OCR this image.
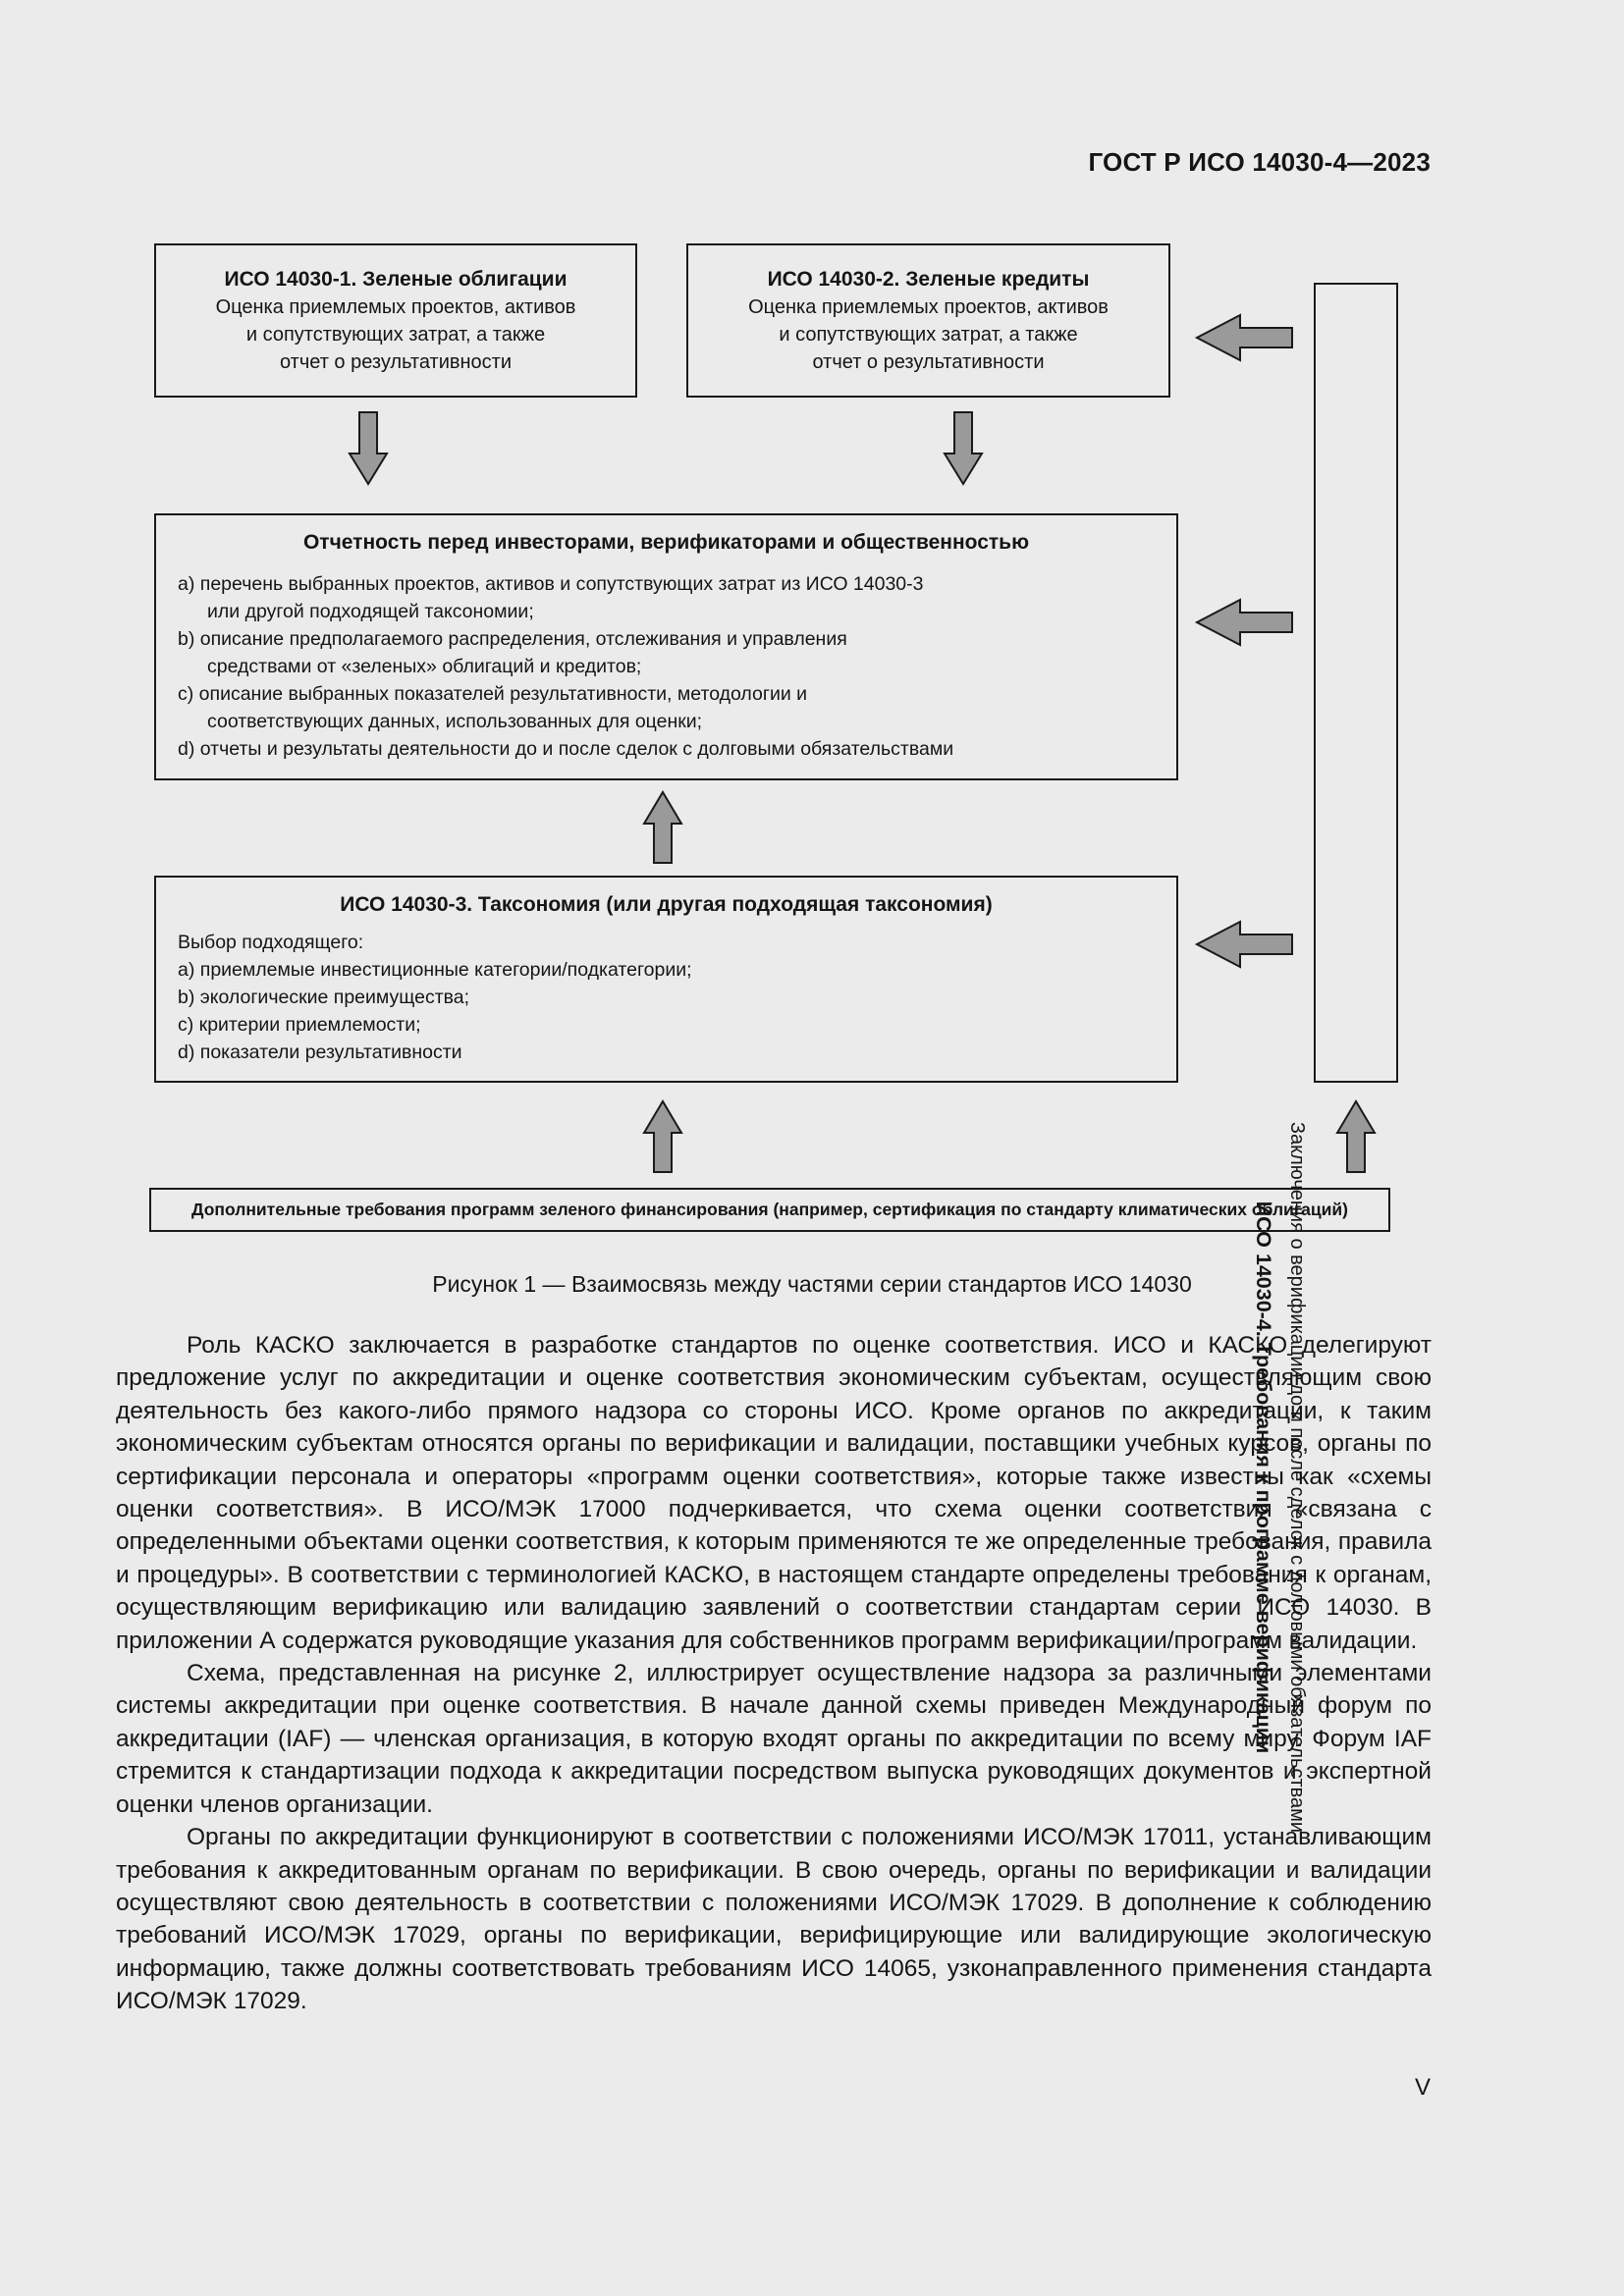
ГОСТ Р ИСО 14030-4—2023
ИСО 14030-1. Зеленые облигации
Оценка приемлемых проектов, активов
и сопутствующих затрат, а также
отчет о результативности
ИСО 14030-2. Зеленые кредиты
Оценка приемлемых проектов, активов
и сопутствующих затрат, а также
отчет о результативности
Отчетность перед инвесторами, верификаторами и общественностью
a) перечень выбранных проектов, активов и сопутствующих затрат из ИСО 14030-3
или другой подходящей таксономии;
b) описание предполагаемого распределения, отслеживания и управления
средствами от «зеленых» облигаций и кредитов;
c) описание выбранных показателей результативности, методологии и
соответствующих данных, использованных для оценки;
d) отчеты и результаты деятельности до и после сделок с долговыми обязательствами
ИСО 14030-3. Таксономия (или другая подходящая таксономия)
Выбор подходящего:
a) приемлемые инвестиционные категории/подкатегории;
b) экологические преимущества;
c) критерии приемлемости;
d) показатели результативности
Заключения о верификации до и после сделок с долговыми обязательствами
ИСО 14030-4. Требования к программе верификации
Дополнительные требования программ зеленого финансирования (например, сертификация по стандарту климатических облигаций)
Рисунок 1 — Взаимосвязь между частями серии стандартов ИСО 14030

Роль КАСКО заключается в разработке стандартов по оценке соответствия. ИСО и КАСКО делегируют предложение услуг по аккредитации и оценке соответствия экономическим субъектам, осуществляющим свою деятельность без какого-либо прямого надзора со стороны ИСО. Кроме органов по аккредитации, к таким экономическим субъектам относятся органы по верификации и валидации, поставщики учебных курсов, органы по сертификации персонала и операторы «программ оценки соответствия», которые также известны как «схемы оценки соответствия». В ИСО/МЭК 17000 подчеркивается, что схема оценки соответствия «связана с определенными объектами оценки соответствия, к которым применяются те же определенные требования, правила и процедуры». В соответствии с терминологией КАСКО, в настоящем стандарте определены требования к органам, осуществляющим верификацию или валидацию заявлений о соответствии стандартам серии ИСО 14030. В приложении А содержатся руководящие указания для собственников программ верификации/программ валидации.

Схема, представленная на рисунке 2, иллюстрирует осуществление надзора за различными элементами системы аккредитации при оценке соответствия. В начале данной схемы приведен Международный форум по аккредитации (IAF) — членская организация, в которую входят органы по аккредитации по всему миру. Форум IAF стремится к стандартизации подхода к аккредитации посредством выпуска руководящих документов и экспертной оценки членов организации.

Органы по аккредитации функционируют в соответствии с положениями ИСО/МЭК 17011, устанавливающим требования к аккредитованным органам по верификации. В свою очередь, органы по верификации и валидации осуществляют свою деятельность в соответствии с положениями ИСО/МЭК 17029. В дополнение к соблюдению требований ИСО/МЭК 17029, органы по верификации, верифицирующие или валидирующие экологическую информацию, также должны соответствовать требованиям ИСО 14065, узконаправленного применения стандарта ИСО/МЭК 17029.

V
